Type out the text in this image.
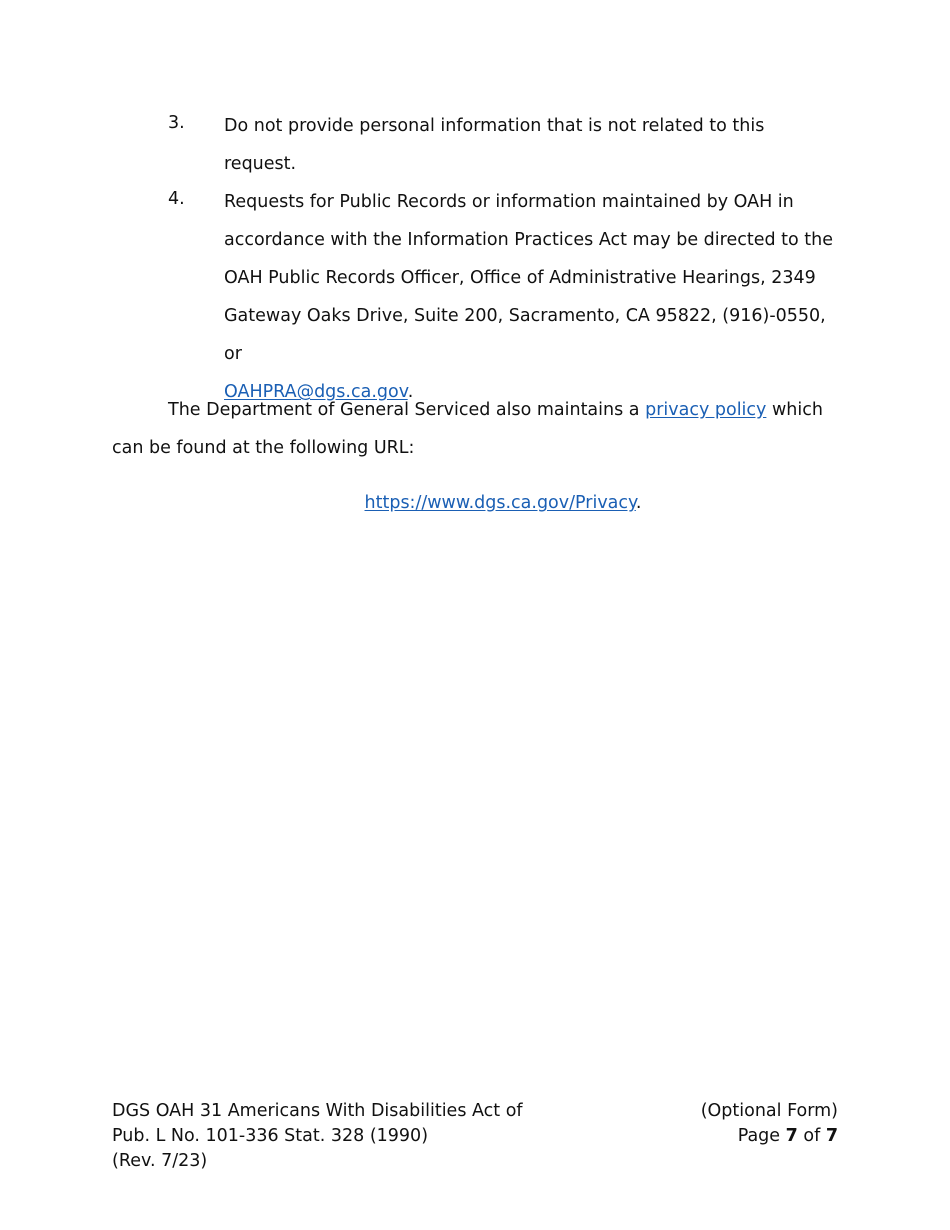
3. Do not provide personal information that is not related to this request.
4. Requests for Public Records or information maintained by OAH in accordance with the Information Practices Act may be directed to the OAH Public Records Officer, Office of Administrative Hearings, 2349 Gateway Oaks Drive, Suite 200, Sacramento, CA 95822, (916)-0550, or
OAHPRA@dgs.ca.gov.
The Department of General Serviced also maintains a privacy policy which can be found at the following URL:
https://www.dgs.ca.gov/Privacy.
DGS OAH 31 Americans With Disabilities Act of
Pub. L No. 101-336 Stat. 328 (1990)
(Rev. 7/23)
(Optional Form)
Page 7 of 7
